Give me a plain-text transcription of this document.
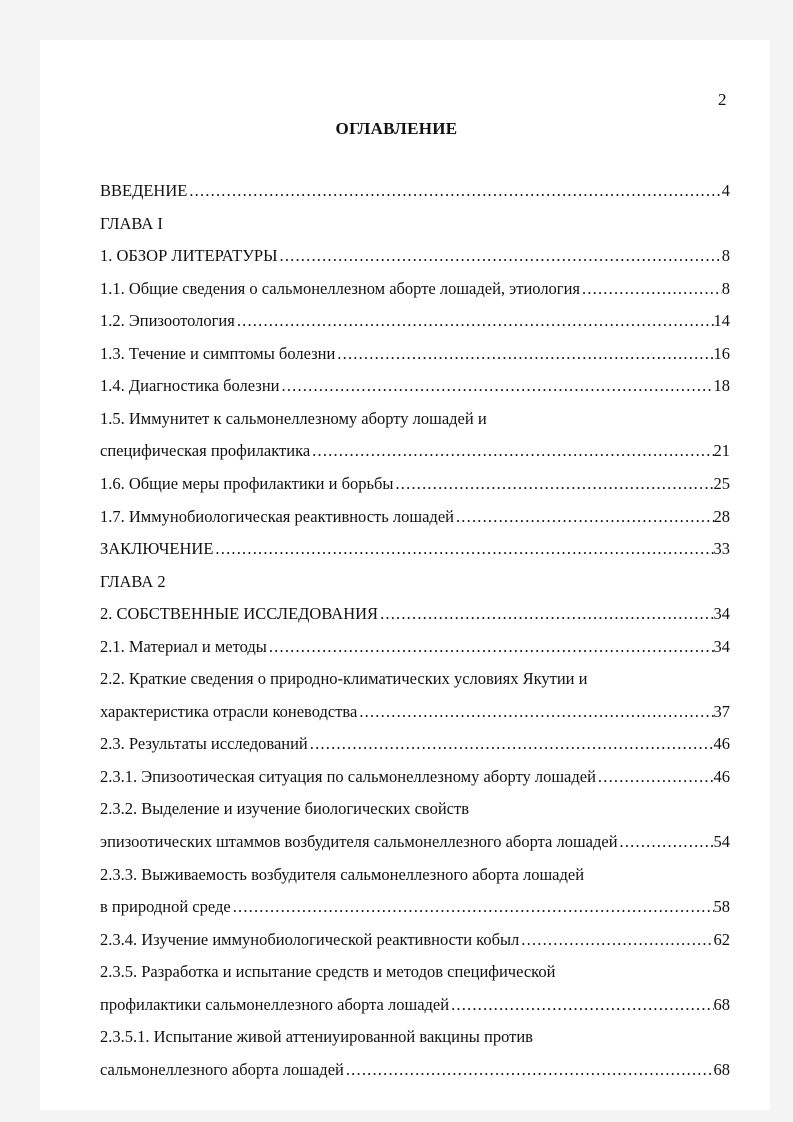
2
ОГЛАВЛЕНИЕ
ВВЕДЕНИЕ .....	4
ГЛАВА I
1. ОБЗОР ЛИТЕРАТУРЫ .....	8
1.1. Общие сведения о сальмонеллезном аборте лошадей, этиология .....	8
1.2. Эпизоотология .....	14
1.3. Течение и симптомы болезни .....	16
1.4. Диагностика болезни .....	18
1.5. Иммунитет к сальмонеллезному аборту лошадей и
специфическая профилактика .....	21
1.6. Общие меры профилактики и борьбы .....	25
1.7. Иммунобиологическая реактивность лошадей .....	28
ЗАКЛЮЧЕНИЕ .....	33
ГЛАВА 2
2. СОБСТВЕННЫЕ ИССЛЕДОВАНИЯ .....	34
2.1. Материал и методы .....	34
2.2. Краткие сведения о природно-климатических условиях Якутии и
характеристика отрасли коневодства .....	37
2.3. Результаты исследований .....	46
2.3.1. Эпизоотическая ситуация по сальмонеллезному аборту лошадей .....	46
2.3.2. Выделение и изучение биологических свойств
эпизоотических штаммов возбудителя сальмонеллезного аборта лошадей .....	54
2.3.3. Выживаемость возбудителя сальмонеллезного аборта лошадей
в природной среде .....	58
2.3.4. Изучение иммунобиологической реактивности кобыл .....	62
2.3.5. Разработка и испытание средств и методов специфической
профилактики сальмонеллезного аборта лошадей .....	68
2.3.5.1. Испытание живой аттениуированной вакцины против
сальмонеллезного аборта лошадей .....	68
